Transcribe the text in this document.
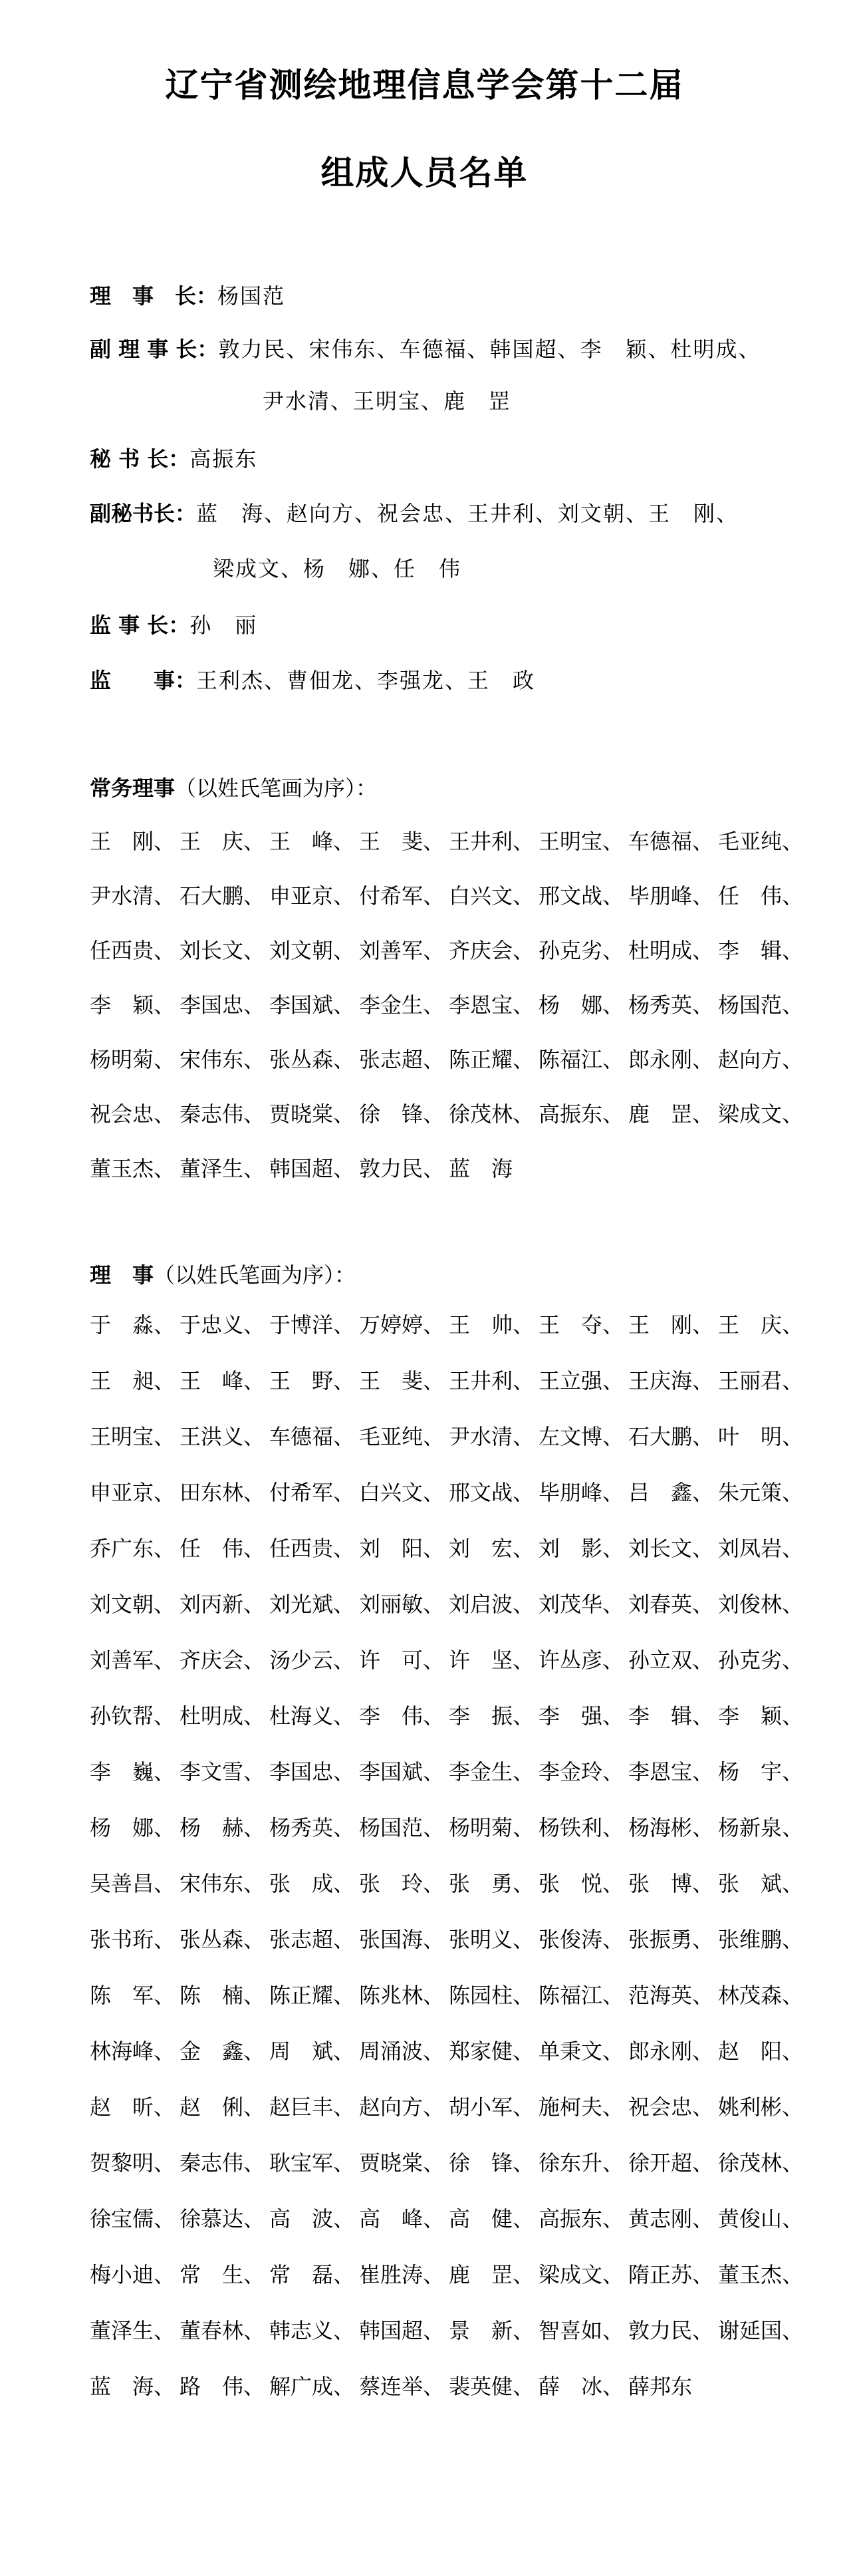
辽宁省测绘地理信息学会第十二届
组成人员名单
理　事　长：杨国范
副 理 事 长：敦力民、宋伟东、车德福、韩国超、李　颖、杜明成、
尹水清、王明宝、鹿　罡
秘 书 长：高振东
副秘书长：蓝　海、赵向方、祝会忠、王井利、刘文朝、王　刚、
梁成文、杨　娜、任　伟
监 事 长：孙　丽
监　　事：王利杰、曹佃龙、李强龙、王　政
常务理事（以姓氏笔画为序）：
王　刚、 王　庆、 王　峰、 王　斐、 王井利、 王明宝、 车德福、 毛亚纯、
尹水清、 石大鹏、 申亚京、 付希军、 白兴文、 邢文战、 毕朋峰、 任　伟、
任西贵、 刘长文、 刘文朝、 刘善军、 齐庆会、 孙克劣、 杜明成、 李　辑、
李　颖、 李国忠、 李国斌、 李金生、 李恩宝、 杨　娜、 杨秀英、 杨国范、
杨明菊、 宋伟东、 张丛森、 张志超、 陈正耀、 陈福江、 郎永刚、 赵向方、
祝会忠、 秦志伟、 贾晓棠、 徐　锋、 徐茂林、 高振东、 鹿　罡、 梁成文、
董玉杰、 董泽生、 韩国超、 敦力民、 蓝　海
理　事（以姓氏笔画为序）：
于　淼、 于忠义、 于博洋、 万婷婷、 王　帅、 王　夺、 王　刚、 王　庆、
王　昶、 王　峰、 王　野、 王　斐、 王井利、 王立强、 王庆海、 王丽君、
王明宝、 王洪义、 车德福、 毛亚纯、 尹水清、 左文博、 石大鹏、 叶　明、
申亚京、 田东林、 付希军、 白兴文、 邢文战、 毕朋峰、 吕　鑫、 朱元策、
乔广东、 任　伟、 任西贵、 刘　阳、 刘　宏、 刘　影、 刘长文、 刘凤岩、
刘文朝、 刘丙新、 刘光斌、 刘丽敏、 刘启波、 刘茂华、 刘春英、 刘俊林、
刘善军、 齐庆会、 汤少云、 许　可、 许　坚、 许丛彦、 孙立双、 孙克劣、
孙钦帮、 杜明成、 杜海义、 李　伟、 李　振、 李　强、 李　辑、 李　颖、
李　巍、 李文雪、 李国忠、 李国斌、 李金生、 李金玲、 李恩宝、 杨　宇、
杨　娜、 杨　赫、 杨秀英、 杨国范、 杨明菊、 杨铁利、 杨海彬、 杨新泉、
吴善昌、 宋伟东、 张　成、 张　玲、 张　勇、 张　悦、 张　博、 张　斌、
张书珩、 张丛森、 张志超、 张国海、 张明义、 张俊涛、 张振勇、 张维鹏、
陈　军、 陈　楠、 陈正耀、 陈兆林、 陈园柱、 陈福江、 范海英、 林茂森、
林海峰、 金　鑫、 周　斌、 周涌波、 郑家健、 单秉文、 郎永刚、 赵　阳、
赵　昕、 赵　俐、 赵巨丰、 赵向方、 胡小军、 施柯夫、 祝会忠、 姚利彬、
贺黎明、 秦志伟、 耿宝军、 贾晓棠、 徐　锋、 徐东升、 徐开超、 徐茂林、
徐宝儒、 徐慕达、 高　波、 高　峰、 高　健、 高振东、 黄志刚、 黄俊山、
梅小迪、 常　生、 常　磊、 崔胜涛、 鹿　罡、 梁成文、 隋正苏、 董玉杰、
董泽生、 董春林、 韩志义、 韩国超、 景　新、 智喜如、 敦力民、 谢延国、
蓝　海、 路　伟、 解广成、 蔡连举、 裴英健、 薛　冰、 薛邦东
